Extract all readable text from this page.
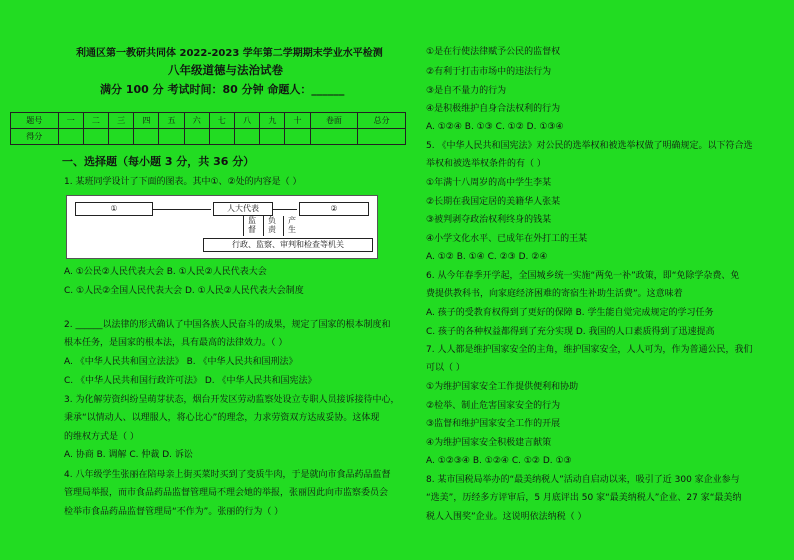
利通区第一教研共同体 2022-2023 学年第二学期期末学业水平检测
八年级道德与法治试卷
满分 100 分 考试时间：80 分钟 命题人：______
题号	一	二	三	四	五	六	七	八	九	十	卷面	总分
得分												
一、选择题（每小题 3 分，共 36 分）
1. 某班同学设计了下面的图表。其中①、②处的内容是（ ）
①	人大代表	②
监督
负责
产生
行政、监察、审判和检查等机关
A. ①公民②人民代表大会 B. ①人民②人民代表大会
C. ①人民②全国人民代表大会 D. ①人民②人民代表大会制度
2. ______以法律的形式确认了中国各族人民奋斗的成果，规定了国家的根本制度和
根本任务，是国家的根本法，具有最高的法律效力。（ ）
A. 《中华人民共和国立法法》 B. 《中华人民共和国刑法》
C. 《中华人民共和国行政许可法》 D. 《中华人民共和国宪法》
3. 为化解劳资纠纷呈萌芽状态，烟台开发区劳动监察处设立专职人员接诉接待中心，
秉承“以情动人、以理服人，将心比心”的理念，力求劳资双方达成妥协。这体现
的维权方式是（ ）
A. 协商 B. 调解 C. 仲裁 D. 诉讼
4. 八年级学生张丽在陪母亲上街买菜时买到了变质牛肉，于是就向市食品药品监督
管理局举报，而市食品药品监督管理局不理会她的举报，张丽因此向市监察委员会
检举市食品药品监督管理局“不作为”。张丽的行为（ ）
①是在行使法律赋予公民的监督权
②有利于打击市场中的违法行为
③是自不量力的行为
④是积极维护自身合法权利的行为
A. ①②④ B. ①③ C. ①② D. ①③④
5. 《中华人民共和国宪法》对公民的选举权和被选举权做了明确规定。以下符合选
举权和被选举权条件的有（ ）
①年满十八周岁的高中学生李某
②长期在我国定居的美籍华人张某
③被判剥夺政治权利终身的钱某
④小学文化水平、已成年在外打工的王某
A. ①② B. ①④ C. ②③ D. ②④
6. 从今年春季开学起，全国城乡统一实施“两免一补”政策，即“免除学杂费、免
费提供教科书，向家庭经济困难的寄宿生补助生活费”。这意味着
A. 孩子的受教育权得到了更好的保障 B. 学生能自觉完成规定的学习任务
C. 孩子的各种权益都得到了充分实现 D. 我国的人口素质得到了迅速提高
7. 人人都是维护国家安全的主角，维护国家安全，人人可为，作为普通公民，我们
可以（ ）
①为维护国家安全工作提供便利和协助
②检举、制止危害国家安全的行为
③监督和维护国家安全工作的开展
④为维护国家安全积极建言献策
A. ①②③④ B. ①②④ C. ①② D. ①③
8. 某市国税局举办的“最美纳税人”活动自启动以来，吸引了近 300 家企业参与
“选美”，历经多方评审后，5 月底评出 50 家“最美纳税人”企业、27 家“最美纳
税人入围奖”企业。这说明依法纳税（ ）
